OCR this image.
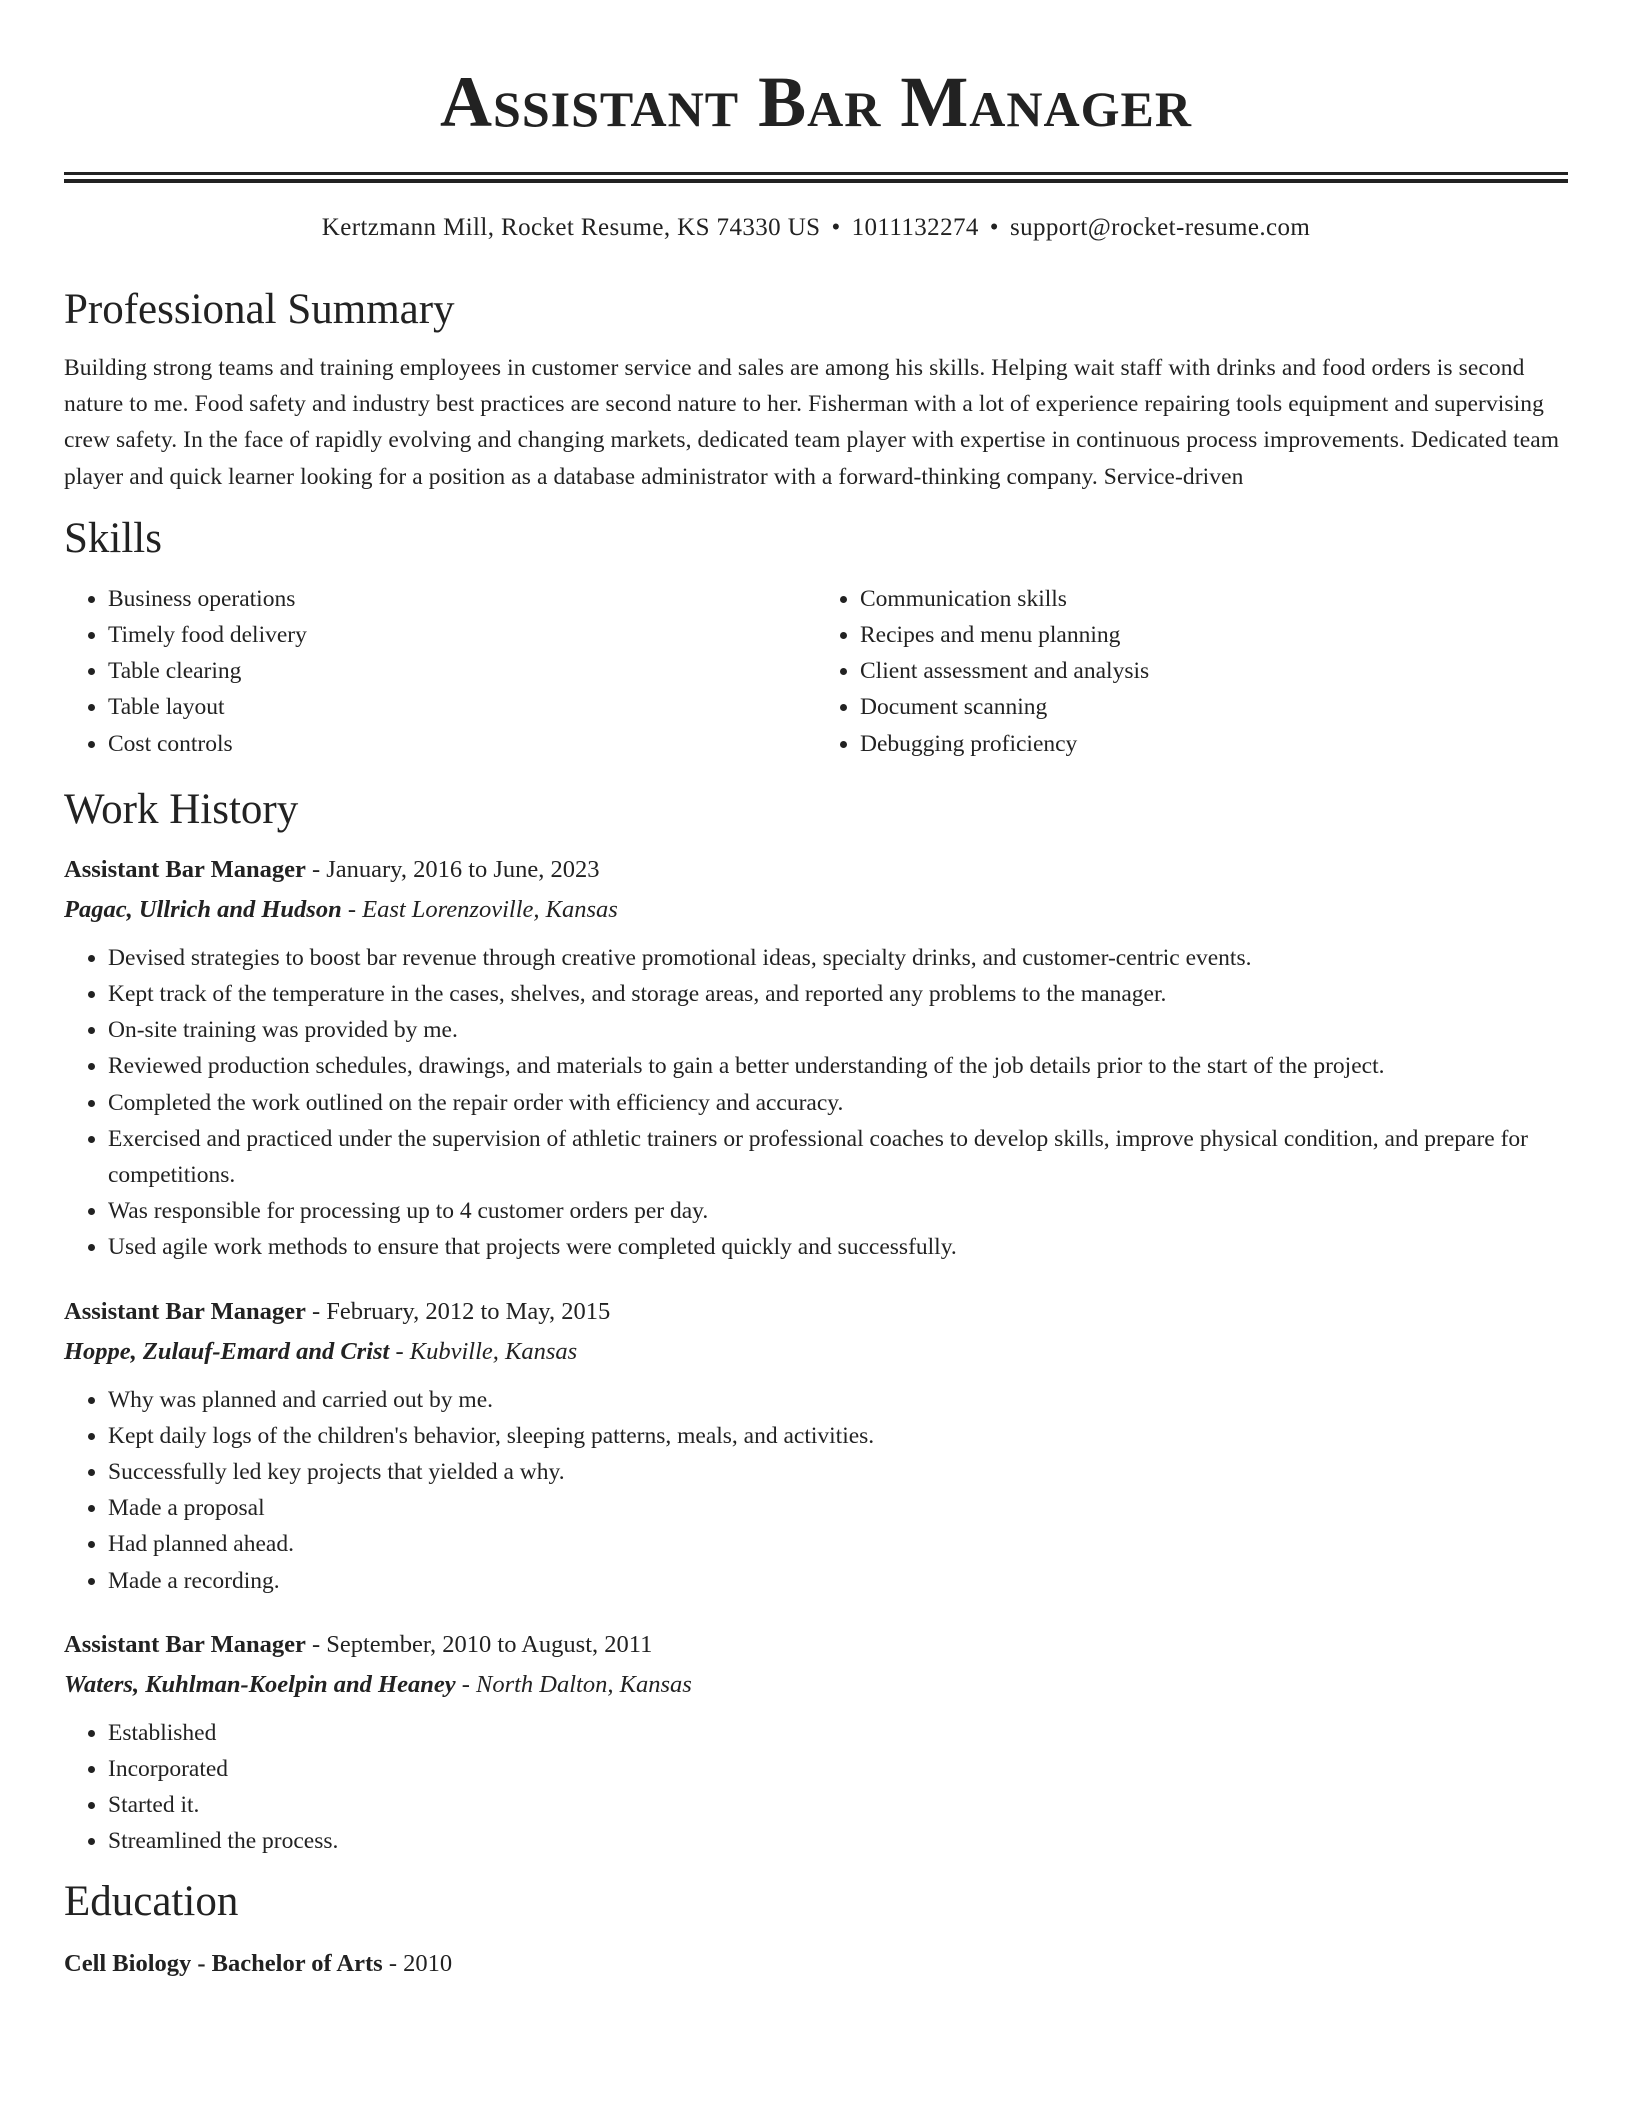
Assistant Bar Manager
Kertzmann Mill, Rocket Resume, KS 74330 US • 1011132274 • support@rocket-resume.com
Professional Summary

Building strong teams and training employees in customer service and sales are among his skills. Helping wait staff with drinks and food orders is second nature to me. Food safety and industry best practices are second nature to her. Fisherman with a lot of experience repairing tools equipment and supervising crew safety. In the face of rapidly evolving and changing markets, dedicated team player with expertise in continuous process improvements. Dedicated team player and quick learner looking for a position as a database administrator with a forward-thinking company. Service-driven

Skills
• Business operations
• Timely food delivery
• Table clearing
• Table layout
• Cost controls
• Communication skills
• Recipes and menu planning
• Client assessment and analysis
• Document scanning
• Debugging proficiency
Work History
Assistant Bar Manager - January, 2016 to June, 2023
Pagac, Ullrich and Hudson - East Lorenzoville, Kansas
• Devised strategies to boost bar revenue through creative promotional ideas, specialty drinks, and customer-centric events.
• Kept track of the temperature in the cases, shelves, and storage areas, and reported any problems to the manager.
• On-site training was provided by me.
• Reviewed production schedules, drawings, and materials to gain a better understanding of the job details prior to the start of the project.
• Completed the work outlined on the repair order with efficiency and accuracy.
• Exercised and practiced under the supervision of athletic trainers or professional coaches to develop skills, improve physical condition, and prepare for competitions.
• Was responsible for processing up to 4 customer orders per day.
• Used agile work methods to ensure that projects were completed quickly and successfully.
Assistant Bar Manager - February, 2012 to May, 2015
Hoppe, Zulauf-Emard and Crist - Kubville, Kansas
• Why was planned and carried out by me.
• Kept daily logs of the children's behavior, sleeping patterns, meals, and activities.
• Successfully led key projects that yielded a why.
• Made a proposal
• Had planned ahead.
• Made a recording.
Assistant Bar Manager - September, 2010 to August, 2011
Waters, Kuhlman-Koelpin and Heaney - North Dalton, Kansas
• Established
• Incorporated
• Started it.
• Streamlined the process.
Education
Cell Biology - Bachelor of Arts - 2010
